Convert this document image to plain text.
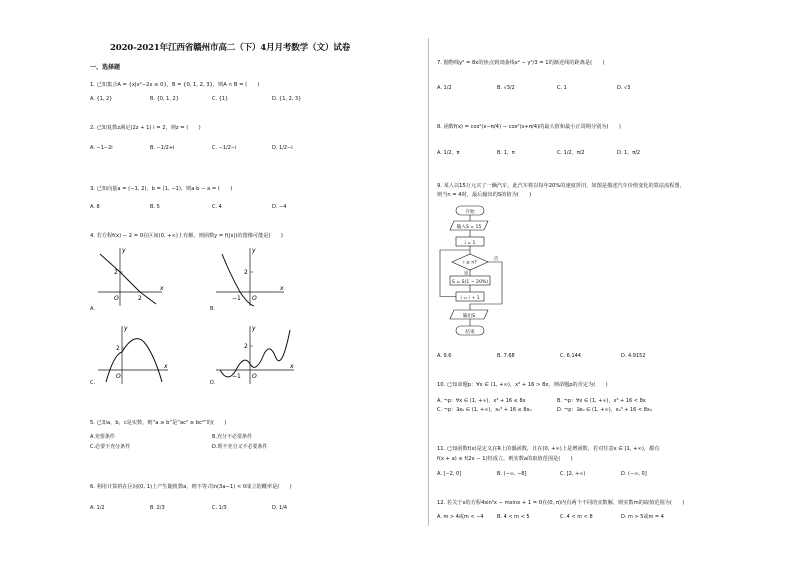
2020-2021年江西省赣州市高二（下）4月月考数学（文）试卷
一、选择题
1. 已知集合A = {x|x²−2x ≤ 0}，B = {0, 1, 2, 3}，则A ∩ B = (　　)
A. {1, 2}	B. {0, 1, 2}	C. {1}	D. {1, 2, 3}
2. 已知复数z满足(2z + 1) i = 2，则z = (　　)
A. −1−2i	B. −1/2+i	C. −1/2−i	D. 1/2−i
3. 已知向量a = (−1, 2)，b = (1, −1)，则a·b − a = (　　)
A. 8	B. 5	C. 4	D. −4
4. 若方程f(x) − 2 = 0在区间(0, +∞)上有解，则函数y = f(|x|)的图像可能是(　　)
2
2
O
x
y
A.
2
−1 O
x
y
B.
2
O
x
y
C.
2
−1 O
x
y
D.
5. 已知a，b，c是实数，则“a ≥ b”是“ac² ≥ bc²”的(　　)
A.充要条件	B.充分不必要条件
C.必要不充分条件	D.既不充分又不必要条件
6. 利用计算机在区间(0, 1)上产生随机数a，则不等式ln(3a−1) < 0成立的概率是(　　)
A. 1/2	B. 2/3	C. 1/3	D. 1/4
7. 抛物线y² = 8x的焦点到双曲线x² − y²/3 = 1的渐近线的距离是(　　)
A. 1/2	B. √3/2	C. 1	D. √3
8. 函数f(x) = cos²(x−π/4) − cos²(x+π/4)的最大值和最小正周期分别为(　　)
A. 1/2，π	B. 1，π	C. 1/2，π/2	D. 1，π/2
9. 某人以15万元买了一辆汽车，此汽车将以每年20%的速度折旧，如图是描述汽车价值变化的算法流程图，
则当n = 4时，最后输出的S的值为(　　)
开始
输入S = 15
i = 1
i ≤ n?
S = S(1 − 20%)
i = i + 1
输出S
结束
是
否
A. 9.6	B. 7.68	C. 6.144	D. 4.9152
10. 已知命题p：∀x ∈ (1, +∞)，x³ + 16 > 8x，则命题p的否定为(　　)
A. ¬p：∀x ∈ (1, +∞)，x³ + 16 ≤ 8x	B. ¬p：∀x ∈ (1, +∞)，x³ + 16 < 8x
C. ¬p：∃x₀ ∈ (1, +∞)，x₀³ + 16 ≤ 8x₀	D. ¬p：∃x₀ ∈ (1, +∞)，x₀³ + 16 < 8x₀
11. 已知函数f(x)是定义在R上的偶函数，且在(0, +∞)上是增函数，若对任意x ∈ [1, +∞)，都有
f(x + a) ≤ f(2x − 1)恒成立，则实数a的取值范围是(　　)
A. [−2, 0]	B. (−∞, −8]	C. [2, +∞)	D. (−∞, 0]
12. 若关于x的方程4sin²x − msinx + 1 = 0在(0, π)内有两个不同的实数解，则实数m的取值范围为(　　)
A. m > 4或m < −4	B. 4 < m < 5	C. 4 < m < 8	D. m > 5或m = 4
